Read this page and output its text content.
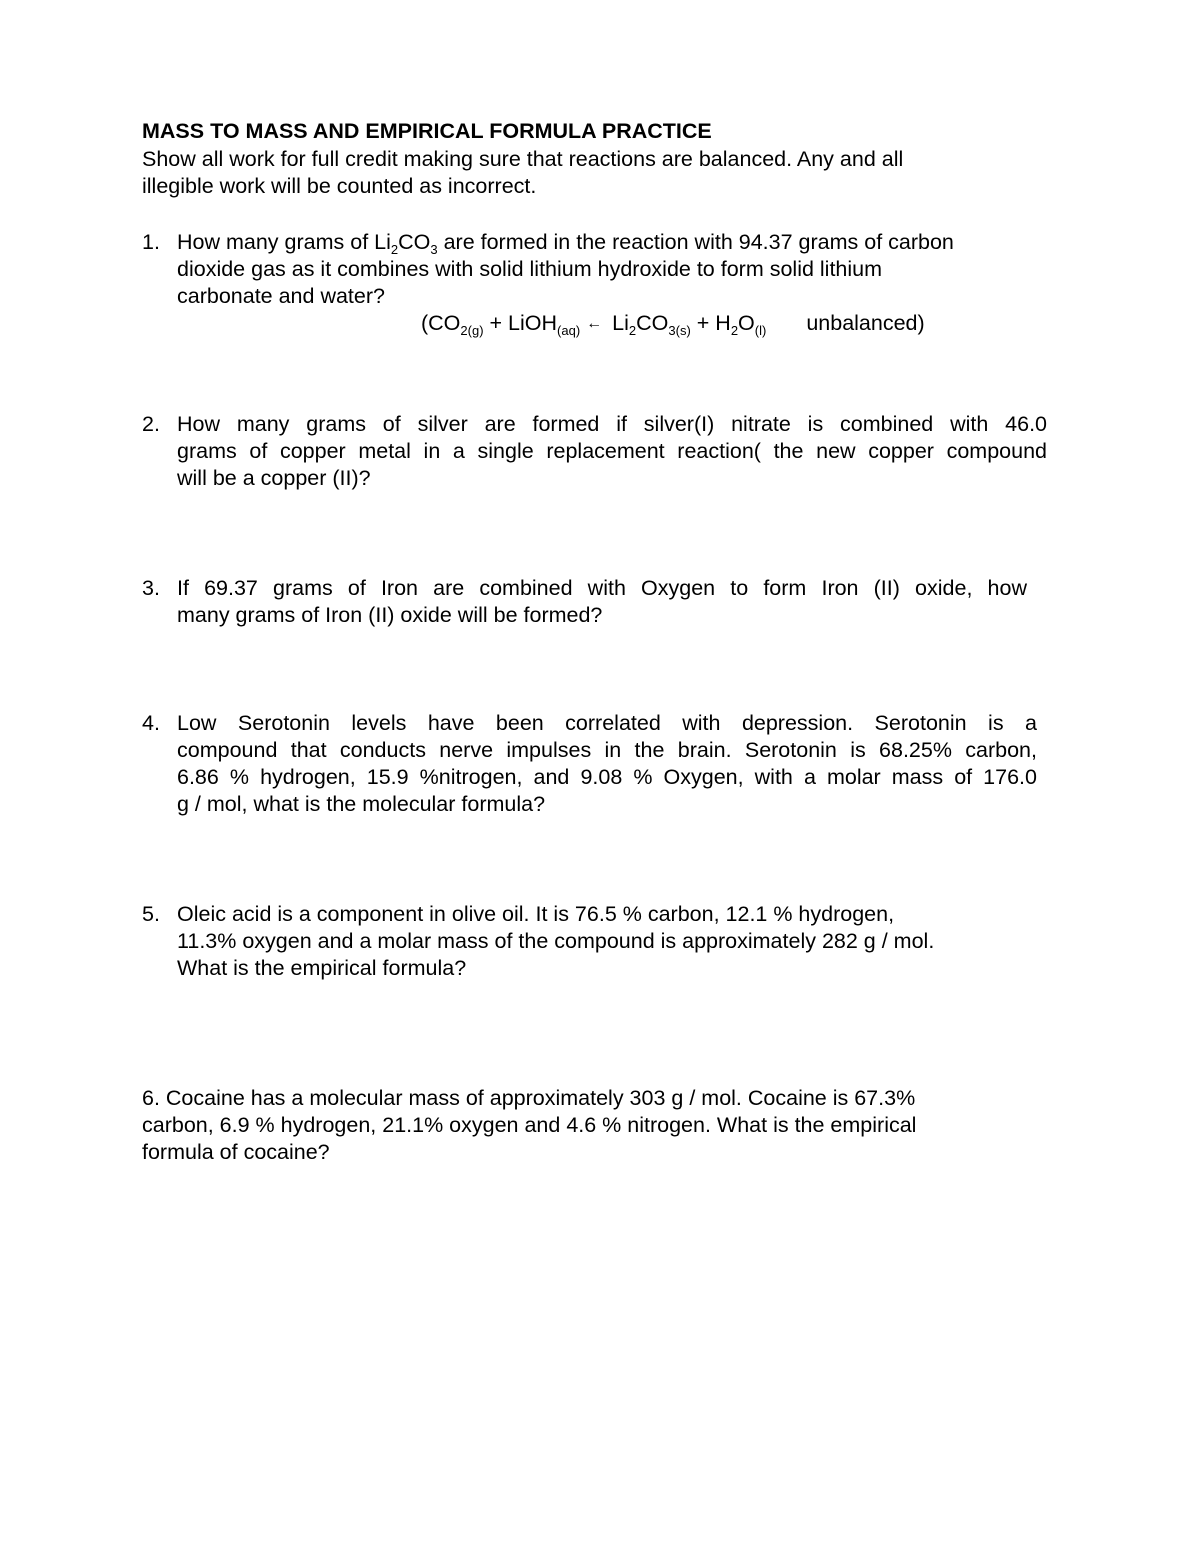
MASS TO MASS AND EMPIRICAL FORMULA PRACTICE

Show all work for full credit making sure that reactions are balanced. Any and all

illegible work will be counted as incorrect.

1. How many grams of $Li_2CO_3$ are formed in the reaction with 94.37 grams of carbon

dioxide gas as it combines with solid lithium hydroxide to form solid lithium

carbonate and water?

($CO_{2(g)}$ + LiOH$_{(aq)}$ ← $Li_2CO_{3(s)} + H_2O_{(l)}$ unbalanced)
2. How many grams of silver are formed if silver(I) nitrate is combined with 46.0

grams of copper metal in a single replacement reaction( the new copper compound

will be a copper (II)?

3. If 69.37 grams of Iron are combined with Oxygen to form Iron (II) oxide, how

many grams of Iron (II) oxide will be formed?

4. Low Serotonin levels have been correlated with depression. Serotonin is a

compound that conducts nerve impulses in the brain. Serotonin is 68.25% carbon,

6.86 % hydrogen, 15.9 %nitrogen, and 9.08 % Oxygen, with a molar mass of 176.0

g / mol, what is the molecular formula?

5. Oleic acid is a component in olive oil. It is 76.5 % carbon, 12.1 % hydrogen,

11.3% oxygen and a molar mass of the compound is approximately 282 g / mol.

What is the empirical formula?

6. Cocaine has a molecular mass of approximately 303 g / mol. Cocaine is 67.3%

carbon, 6.9 % hydrogen, 21.1% oxygen and 4.6 % nitrogen. What is the empirical

formula of cocaine?
